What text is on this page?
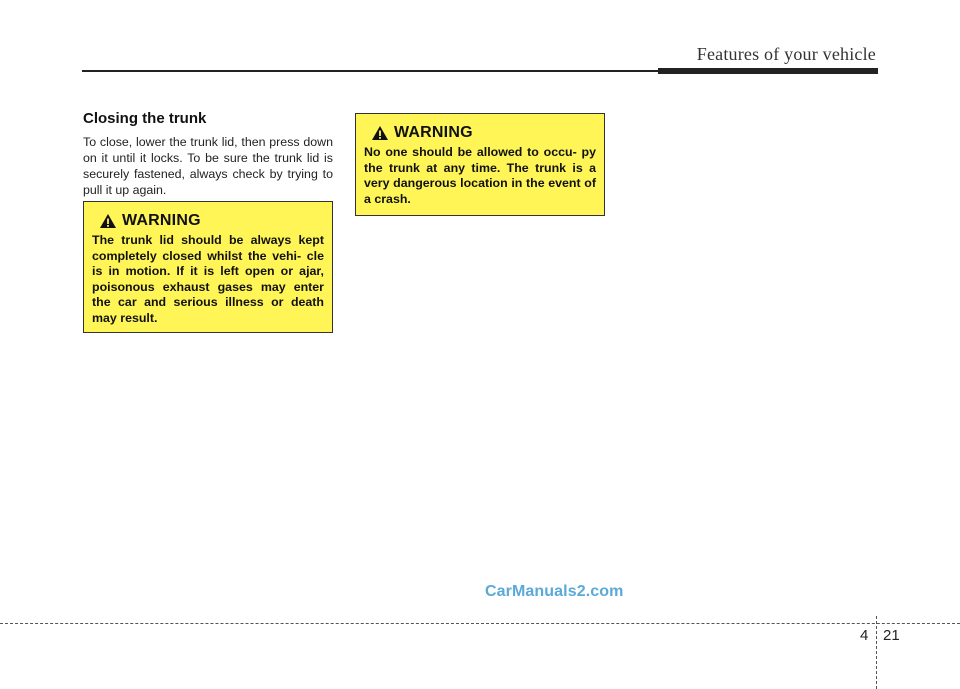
Features of your vehicle
Closing the trunk

To close, lower the trunk lid, then press down on it until it locks. To be sure the trunk lid is securely fastened, always check by trying to pull it up again.

WARNING

The trunk lid should be always kept completely closed whilst the vehi- cle is in motion. If it is left open or ajar, poisonous exhaust gases may enter the car and serious illness or death may result.

WARNING

No one should be allowed to occu- py the trunk at any time. The trunk is a very dangerous location in the event of a crash.

CarManuals2.com
4 21
